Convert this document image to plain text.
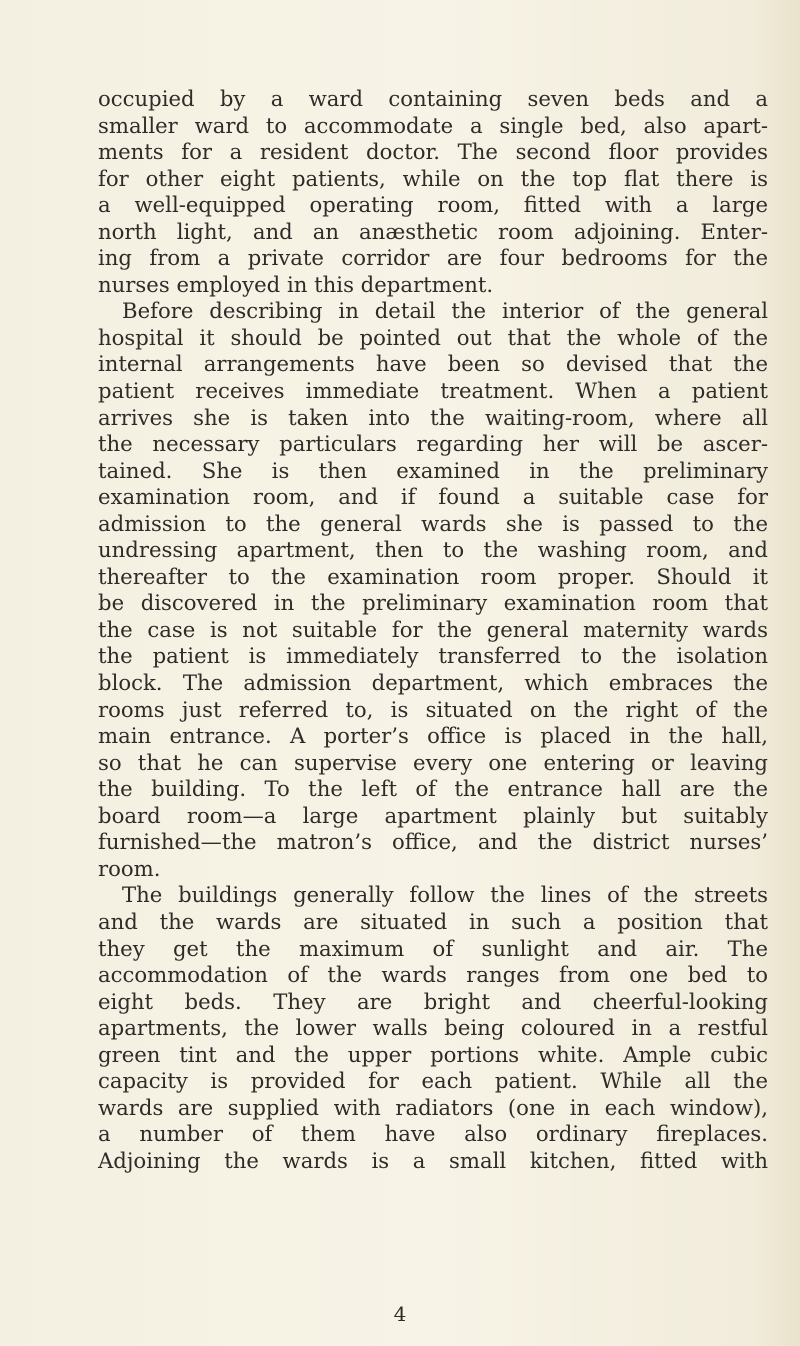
occupied by a ward containing seven beds and a
smaller ward to accommodate a single bed, also apart-
ments for a resident doctor. The second floor provides
for other eight patients, while on the top flat there is
a well-equipped operating room, fitted with a large
north light, and an anæsthetic room adjoining. Enter-
ing from a private corridor are four bedrooms for the
nurses employed in this department.
Before describing in detail the interior of the general
hospital it should be pointed out that the whole of the
internal arrangements have been so devised that the
patient receives immediate treatment. When a patient
arrives she is taken into the waiting-room, where all
the necessary particulars regarding her will be ascer-
tained. She is then examined in the preliminary
examination room, and if found a suitable case for
admission to the general wards she is passed to the
undressing apartment, then to the washing room, and
thereafter to the examination room proper. Should it
be discovered in the preliminary examination room that
the case is not suitable for the general maternity wards
the patient is immediately transferred to the isolation
block. The admission department, which embraces the
rooms just referred to, is situated on the right of the
main entrance. A porter’s office is placed in the hall,
so that he can supervise every one entering or leaving
the building. To the left of the entrance hall are the
board room—a large apartment plainly but suitably
furnished—the matron’s office, and the district nurses’
room.
The buildings generally follow the lines of the streets
and the wards are situated in such a position that
they get the maximum of sunlight and air. The
accommodation of the wards ranges from one bed to
eight beds. They are bright and cheerful-looking
apartments, the lower walls being coloured in a restful
green tint and the upper portions white. Ample cubic
capacity is provided for each patient. While all the
wards are supplied with radiators (one in each window),
a number of them have also ordinary fireplaces.
Adjoining the wards is a small kitchen, fitted with
4
